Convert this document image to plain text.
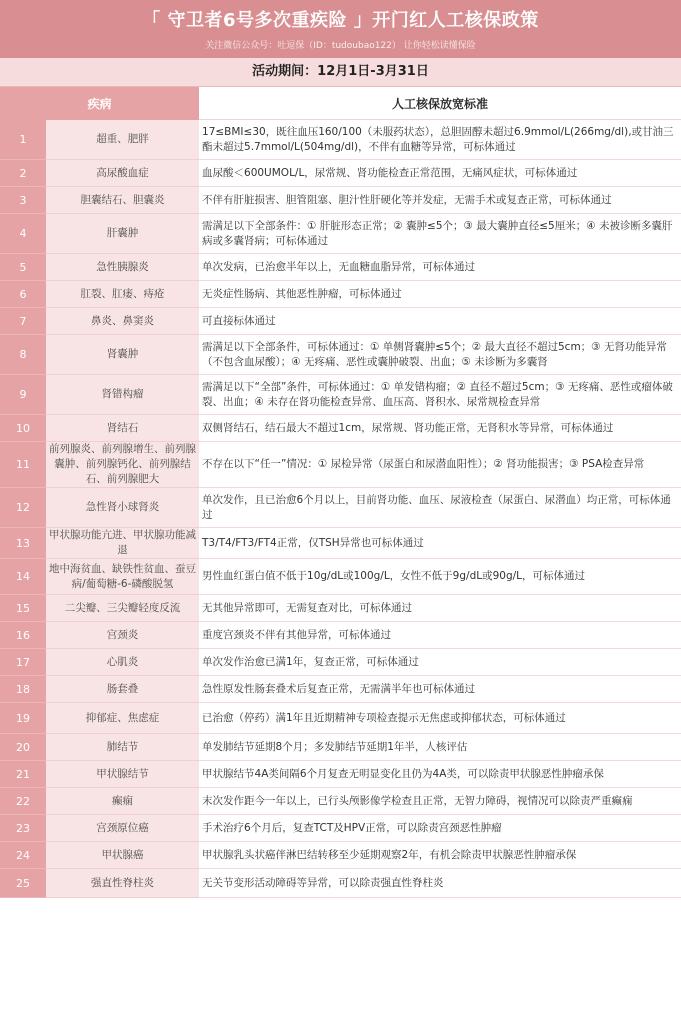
「 守卫者6号多次重疾险 」开门红人工核保政策
关注微信公众号：吐逗保（ID：tudoubao122） 让你轻松读懂保险
活动期间：12月1日-3月31日
疾病		人工核保放宽标准
1	超重、肥胖	17≤BMI≤30，既往血压160/100（未服药状态），总胆固醇未超过6.9mmol/L(266mg/dl),或甘油三酯未超过5.7mmol/L(504mg/dl)，不伴有血糖等异常，可标体通过
2	高尿酸血症	血尿酸＜600UMOL/L，尿常规、肾功能检查正常范围，无痛风症状，可标体通过
3	胆囊结石、胆囊炎	不伴有肝脏损害、胆管阻塞、胆汁性肝硬化等并发症，无需手术或复查正常，可标体通过
4	肝囊肿	需满足以下全部条件：① 肝脏形态正常；② 囊肿≤5个；③ 最大囊肿直径≤5厘米；④ 未被诊断多囊肝病或多囊肾病；可标体通过
5	急性胰腺炎	单次发病，已治愈半年以上，无血糖血脂异常，可标体通过
6	肛裂、肛瘘、痔疮	无炎症性肠病、其他恶性肿瘤，可标体通过
7	鼻炎、鼻窦炎	可直接标体通过
8	肾囊肿	需满足以下全部条件，可标体通过：① 单侧肾囊肿≤5个；② 最大直径不超过5cm；③ 无肾功能异常（不包含血尿酸）；④ 无疼痛、恶性或囊肿破裂、出血；⑤ 未诊断为多囊肾
9	肾错构瘤	需满足以下“全部”条件，可标体通过：① 单发错构瘤；② 直径不超过5cm；③ 无疼痛、恶性或瘤体破裂、出血；④ 未存在肾功能检查异常、血压高、肾积水、尿常规检查异常
10	肾结石	双侧肾结石，结石最大不超过1cm，尿常规、肾功能正常，无肾积水等异常，可标体通过
11	前列腺炎、前列腺增生、前列腺囊肿、前列腺钙化、前列腺结石、前列腺肥大	不存在以下“任一”情况：① 尿检异常（尿蛋白和尿潜血阳性）；② 肾功能损害；③ PSA检查异常
12	急性肾小球肾炎	单次发作，且已治愈6个月以上，目前肾功能、血压、尿液检查（尿蛋白、尿潜血）均正常，可标体通过
13	甲状腺功能亢进、甲状腺功能减退	T3/T4/FT3/FT4正常，仅TSH异常也可标体通过
14	地中海贫血、缺铁性贫血、蚕豆病/葡萄糖-6-磷酸脱氢	男性血红蛋白值不低于10g/dL或100g/L，女性不低于9g/dL或90g/L，可标体通过
15	二尖瓣、三尖瓣轻度反流	无其他异常即可，无需复查对比，可标体通过
16	宫颈炎	重度宫颈炎不伴有其他异常，可标体通过
17	心肌炎	单次发作治愈已满1年，复查正常，可标体通过
18	肠套叠	急性原发性肠套叠术后复查正常，无需满半年也可标体通过
19	抑郁症、焦虑症	已治愈（停药）满1年且近期精神专项检查提示无焦虑或抑郁状态，可标体通过
20	肺结节	单发肺结节延期8个月；多发肺结节延期1年半，人核评估
21	甲状腺结节	甲状腺结节4A类间隔6个月复查无明显变化且仍为4A类，可以除责甲状腺恶性肿瘤承保
22	癫痫	末次发作距今一年以上，已行头颅影像学检查且正常，无智力障碍，视情况可以除责严重癫痫
23	宫颈原位癌	手术治疗6个月后，复查TCT及HPV正常，可以除责宫颈恶性肿瘤
24	甲状腺癌	甲状腺乳头状癌伴淋巴结转移至少延期观察2年，有机会除责甲状腺恶性肿瘤承保
25	强直性脊柱炎	无关节变形活动障碍等异常，可以除责强直性脊柱炎
